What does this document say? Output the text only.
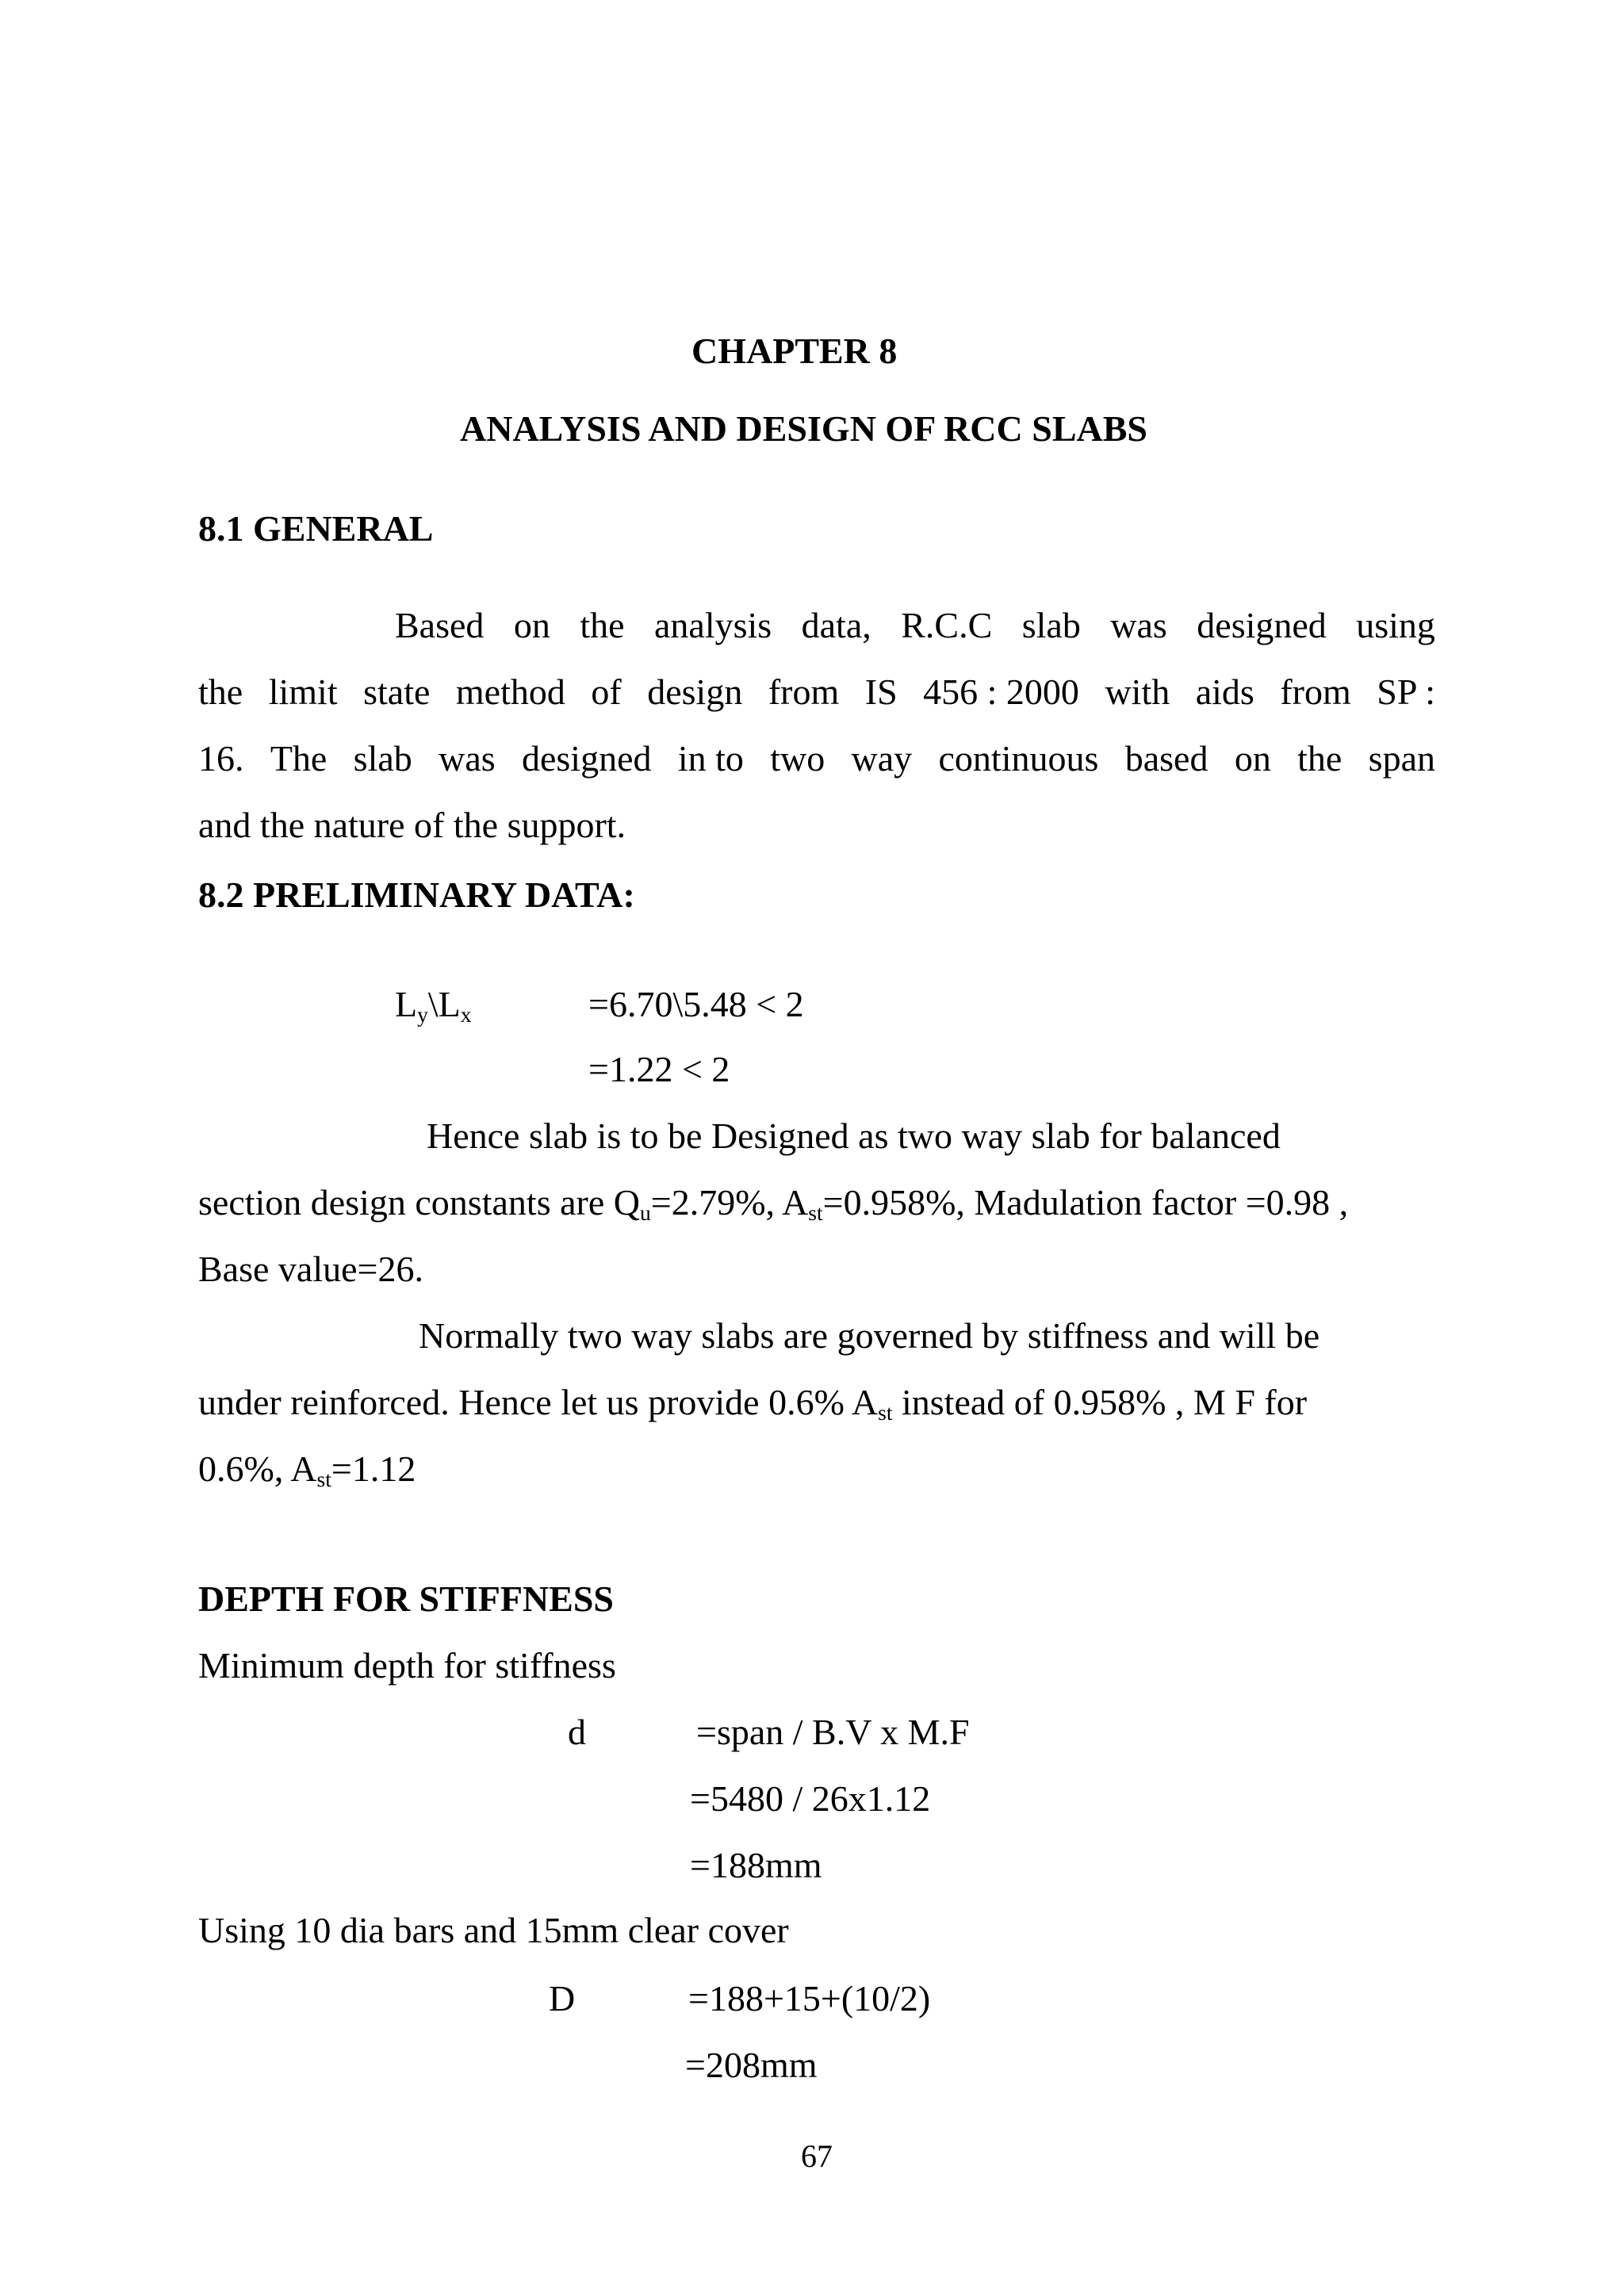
CHAPTER 8
ANALYSIS AND DESIGN OF RCC SLABS
8.1 GENERAL
Based on the analysis data, R.C.C slab was designed using
the limit state method of design from IS 456 : 2000 with aids from SP :
16. The slab was designed in to two way continuous based on the span
and the nature of the support.
8.2 PRELIMINARY DATA:
$L_y\backslash L_x$	=6.70\5.48 < 2
=1.22 < 2
Hence slab is to be Designed as two way slab for balanced
section design constants are $Q_u=2.79\%$, $A_{st}=0.958\%$, Madulation factor =0.98 ,
Base value=26.
Normally two way slabs are governed by stiffness and will be
under reinforced. Hence let us provide 0.6% $A_{st}$ instead of 0.958% , M F for
0.6%, $A_{st}=1.12$
DEPTH FOR STIFFNESS
Minimum depth for stiffness
d	=span / B.V x M.F
=5480 / 26x1.12
=188mm
Using 10 dia bars and 15mm clear cover
D	=188+15+(10/2)
=208mm
67
